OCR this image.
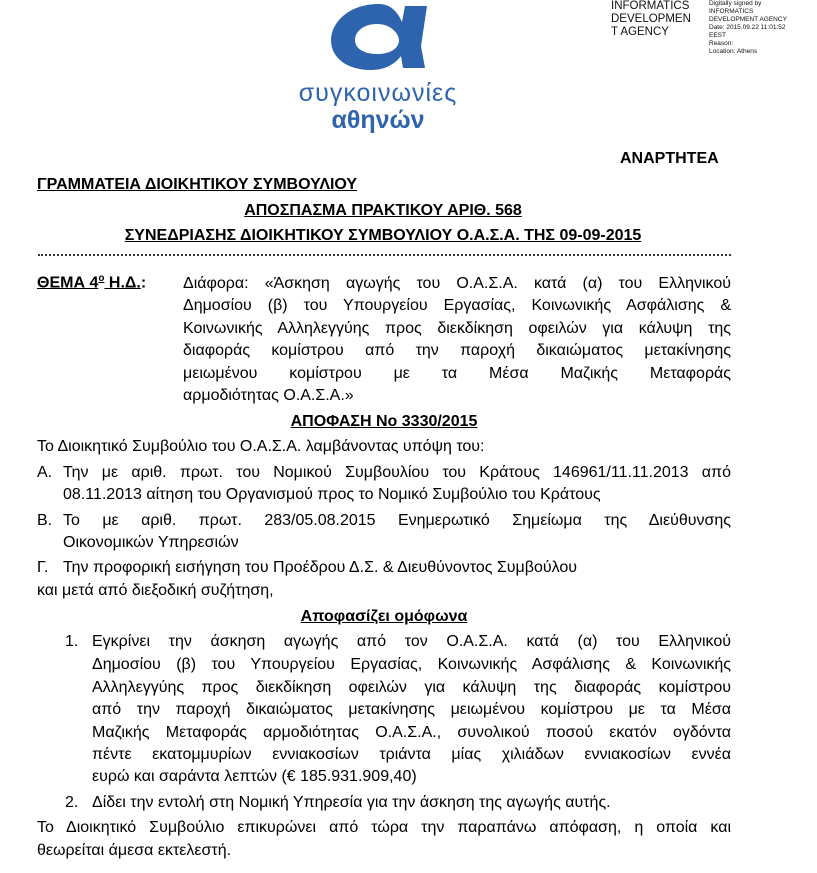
συγκοινωνίες
αθηνών
INFORMATICS
DEVELOPMEN
T AGENCY
Digitally signed by
INFORMATICS
DEVELOPMENT AGENCY
Date: 2015.09.22 11:01:52
EEST
Reason:
Location: Athens
ΑΝΑΡΤΗΤΕΑ
ΓΡΑΜΜΑΤΕΙΑ ΔΙΟΙΚΗΤΙΚΟΥ ΣΥΜΒΟΥΛΙΟΥ
ΑΠΟΣΠΑΣΜΑ ΠΡΑΚΤΙΚΟΥ ΑΡΙΘ. 568
ΣΥΝΕΔΡΙΑΣΗΣ ΔΙΟΙΚΗΤΙΚΟΥ ΣΥΜΒΟΥΛΙΟΥ Ο.Α.Σ.Α. ΤΗΣ 09-09-2015
ΘΕΜΑ $4^o$ Η.Δ.: Διάφορα: «Άσκηση αγωγής του Ο.Α.Σ.Α. κατά (α) του Ελληνικού
Δημοσίου (β) του Υπουργείου Εργασίας, Κοινωνικής Ασφάλισης &
Κοινωνικής Αλληλεγγύης προς διεκδίκηση οφειλών για κάλυψη της
διαφοράς κομίστρου από την παροχή δικαιώματος μετακίνησης
μειωμένου κομίστρου με τα Μέσα Μαζικής Μεταφοράς
αρμοδιότητας Ο.Α.Σ.Α.»
ΑΠΟΦΑΣΗ Νο 3330/2015
Το Διοικητικό Συμβούλιο του Ο.Α.Σ.Α. λαμβάνοντας υπόψη του:
Α. Την με αριθ. πρωτ. του Νομικού Συμβουλίου του Κράτους 146961/11.11.2013 από
08.11.2013 αίτηση του Οργανισμού προς το Νομικό Συμβούλιο του Κράτους
Β. Το με αριθ. πρωτ. 283/05.08.2015 Ενημερωτικό Σημείωμα της Διεύθυνσης
Οικονομικών Υπηρεσιών
Γ. Την προφορική εισήγηση του Προέδρου Δ.Σ. & Διευθύνοντος Συμβούλου
και μετά από διεξοδική συζήτηση,
Αποφασίζει ομόφωνα
1. Εγκρίνει την άσκηση αγωγής από τον Ο.Α.Σ.Α. κατά (α) του Ελληνικού
Δημοσίου (β) του Υπουργείου Εργασίας, Κοινωνικής Ασφάλισης & Κοινωνικής
Αλληλεγγύης προς διεκδίκηση οφειλών για κάλυψη της διαφοράς κομίστρου
από την παροχή δικαιώματος μετακίνησης μειωμένου κομίστρου με τα Μέσα
Μαζικής Μεταφοράς αρμοδιότητας Ο.Α.Σ.Α., συνολικού ποσού εκατόν ογδόντα
πέντε εκατομμυρίων εννιακοσίων τριάντα μίας χιλιάδων εννιακοσίων εννέα
ευρώ και σαράντα λεπτών (€ 185.931.909,40)
2. Δίδει την εντολή στη Νομική Υπηρεσία για την άσκηση της αγωγής αυτής.
Το Διοικητικό Συμβούλιο επικυρώνει από τώρα την παραπάνω απόφαση, η οποία και
θεωρείται άμεσα εκτελεστή.
